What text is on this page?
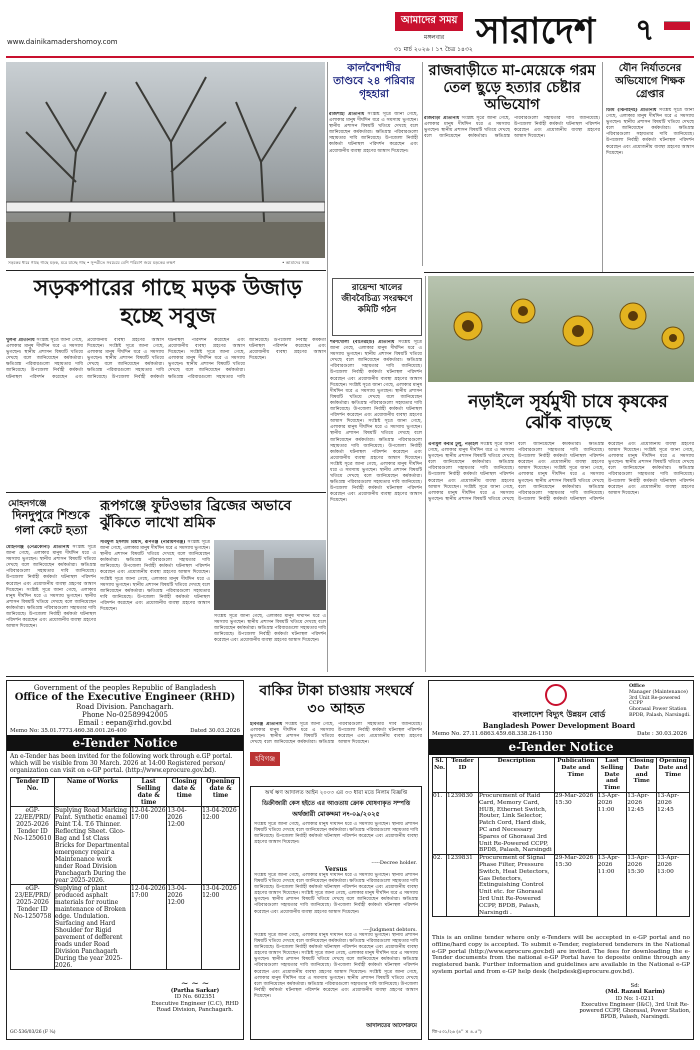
www.dainikamadershomoy.com
আমাদের সময়
মঙ্গলবার
৩১ মার্চ ২০২৬ । ১৭ চৈত্র ১৪৩২ সারাদেশ ৭
সড়কের ধারে গাছে গাছে মড়ক, মরে যাচ্ছে গাছ • সুন্দরীতে সবচেয়ে বেশি পরিমাণ জমে মড়কের লক্ষণ	• আমাদের সময়
কালবৈশাখীর তাণ্ডবে ২৪ পরিবার গৃহহারা
রাজশাহী প্রতিনিধি সংশ্লিষ্ট সূত্রে জানা গেছে, এলাকার মানুষ দীর্ঘদিন ধরে এ সমস্যায় ভুগছেন। স্থানীয় প্রশাসন বিষয়টি খতিয়ে দেখছে বলে জানিয়েছেন কর্মকর্তারা। ক্ষতিগ্রস্ত পরিবারগুলো সহায়তার দাবি জানিয়েছে। উপজেলা নির্বাহী কর্মকর্তা ঘটনাস্থল পরিদর্শন করেছেন এবং প্রয়োজনীয় ব্যবস্থা গ্রহণের আশ্বাস দিয়েছেন।
রাজবাড়ীতে মা-মেয়েকে গরম তেল ছুড়ে হত্যার চেষ্টার অভিযোগ
রাজবাড়ী প্রতিনিধি সংশ্লিষ্ট সূত্রে জানা গেছে, এলাকার মানুষ দীর্ঘদিন ধরে এ সমস্যায় ভুগছেন। স্থানীয় প্রশাসন বিষয়টি খতিয়ে দেখছে বলে জানিয়েছেন কর্মকর্তারা। ক্ষতিগ্রস্ত পরিবারগুলো সহায়তার দাবি জানিয়েছে। উপজেলা নির্বাহী কর্মকর্তা ঘটনাস্থল পরিদর্শন করেছেন এবং প্রয়োজনীয় ব্যবস্থা গ্রহণের আশ্বাস দিয়েছেন।
যৌন নির্যাতনের অভিযোগে শিক্ষক গ্রেপ্তার
ডিমি (ঝিনাইদহ) প্রতিনিধি সংশ্লিষ্ট সূত্রে জানা গেছে, এলাকার মানুষ দীর্ঘদিন ধরে এ সমস্যায় ভুগছেন। স্থানীয় প্রশাসন বিষয়টি খতিয়ে দেখছে বলে জানিয়েছেন কর্মকর্তারা। ক্ষতিগ্রস্ত পরিবারগুলো সহায়তার দাবি জানিয়েছে। উপজেলা নির্বাহী কর্মকর্তা ঘটনাস্থল পরিদর্শন করেছেন এবং প্রয়োজনীয় ব্যবস্থা গ্রহণের আশ্বাস দিয়েছেন।
সড়কপারের গাছে মড়ক উজাড় হচ্ছে সবুজ
খুলনা প্রতিনিধি সংশ্লিষ্ট সূত্রে জানা গেছে, এলাকার মানুষ দীর্ঘদিন ধরে এ সমস্যায় ভুগছেন। স্থানীয় প্রশাসন বিষয়টি খতিয়ে দেখছে বলে জানিয়েছেন কর্মকর্তারা। ক্ষতিগ্রস্ত পরিবারগুলো সহায়তার দাবি জানিয়েছে। উপজেলা নির্বাহী কর্মকর্তা ঘটনাস্থল পরিদর্শন করেছেন এবং প্রয়োজনীয় ব্যবস্থা গ্রহণের আশ্বাস দিয়েছেন। সংশ্লিষ্ট সূত্রে জানা গেছে, এলাকার মানুষ দীর্ঘদিন ধরে এ সমস্যায় ভুগছেন। স্থানীয় প্রশাসন বিষয়টি খতিয়ে দেখছে বলে জানিয়েছেন কর্মকর্তারা। ক্ষতিগ্রস্ত পরিবারগুলো সহায়তার দাবি জানিয়েছে। উপজেলা নির্বাহী কর্মকর্তা ঘটনাস্থল পরিদর্শন করেছেন এবং প্রয়োজনীয় ব্যবস্থা গ্রহণের আশ্বাস দিয়েছেন। সংশ্লিষ্ট সূত্রে জানা গেছে, এলাকার মানুষ দীর্ঘদিন ধরে এ সমস্যায় ভুগছেন। স্থানীয় প্রশাসন বিষয়টি খতিয়ে দেখছে বলে জানিয়েছেন কর্মকর্তারা। ক্ষতিগ্রস্ত পরিবারগুলো সহায়তার দাবি জানিয়েছে। উপজেলা নির্বাহী কর্মকর্তা ঘটনাস্থল পরিদর্শন করেছেন এবং প্রয়োজনীয় ব্যবস্থা গ্রহণের আশ্বাস দিয়েছেন।
রায়েন্দা খালের জীববৈচিত্র্য সংরক্ষণে কমিটি গঠন
শরণখোলা (বাগেরহাট) প্রতিনিধি সংশ্লিষ্ট সূত্রে জানা গেছে, এলাকার মানুষ দীর্ঘদিন ধরে এ সমস্যায় ভুগছেন। স্থানীয় প্রশাসন বিষয়টি খতিয়ে দেখছে বলে জানিয়েছেন কর্মকর্তারা। ক্ষতিগ্রস্ত পরিবারগুলো সহায়তার দাবি জানিয়েছে। উপজেলা নির্বাহী কর্মকর্তা ঘটনাস্থল পরিদর্শন করেছেন এবং প্রয়োজনীয় ব্যবস্থা গ্রহণের আশ্বাস দিয়েছেন। সংশ্লিষ্ট সূত্রে জানা গেছে, এলাকার মানুষ দীর্ঘদিন ধরে এ সমস্যায় ভুগছেন। স্থানীয় প্রশাসন বিষয়টি খতিয়ে দেখছে বলে জানিয়েছেন কর্মকর্তারা। ক্ষতিগ্রস্ত পরিবারগুলো সহায়তার দাবি জানিয়েছে। উপজেলা নির্বাহী কর্মকর্তা ঘটনাস্থল পরিদর্শন করেছেন এবং প্রয়োজনীয় ব্যবস্থা গ্রহণের আশ্বাস দিয়েছেন। সংশ্লিষ্ট সূত্রে জানা গেছে, এলাকার মানুষ দীর্ঘদিন ধরে এ সমস্যায় ভুগছেন। স্থানীয় প্রশাসন বিষয়টি খতিয়ে দেখছে বলে জানিয়েছেন কর্মকর্তারা। ক্ষতিগ্রস্ত পরিবারগুলো সহায়তার দাবি জানিয়েছে। উপজেলা নির্বাহী কর্মকর্তা ঘটনাস্থল পরিদর্শন করেছেন এবং প্রয়োজনীয় ব্যবস্থা গ্রহণের আশ্বাস দিয়েছেন। সংশ্লিষ্ট সূত্রে জানা গেছে, এলাকার মানুষ দীর্ঘদিন ধরে এ সমস্যায় ভুগছেন। স্থানীয় প্রশাসন বিষয়টি খতিয়ে দেখছে বলে জানিয়েছেন কর্মকর্তারা। ক্ষতিগ্রস্ত পরিবারগুলো সহায়তার দাবি জানিয়েছে। উপজেলা নির্বাহী কর্মকর্তা ঘটনাস্থল পরিদর্শন করেছেন এবং প্রয়োজনীয় ব্যবস্থা গ্রহণের আশ্বাস দিয়েছেন।
নড়াইলে সূর্যমুখী চাষে কৃষকের ঝোঁক বাড়ছে
এনামুল কবীর টুলু, নড়াইল সংশ্লিষ্ট সূত্রে জানা গেছে, এলাকার মানুষ দীর্ঘদিন ধরে এ সমস্যায় ভুগছেন। স্থানীয় প্রশাসন বিষয়টি খতিয়ে দেখছে বলে জানিয়েছেন কর্মকর্তারা। ক্ষতিগ্রস্ত পরিবারগুলো সহায়তার দাবি জানিয়েছে। উপজেলা নির্বাহী কর্মকর্তা ঘটনাস্থল পরিদর্শন করেছেন এবং প্রয়োজনীয় ব্যবস্থা গ্রহণের আশ্বাস দিয়েছেন। সংশ্লিষ্ট সূত্রে জানা গেছে, এলাকার মানুষ দীর্ঘদিন ধরে এ সমস্যায় ভুগছেন। স্থানীয় প্রশাসন বিষয়টি খতিয়ে দেখছে বলে জানিয়েছেন কর্মকর্তারা। ক্ষতিগ্রস্ত পরিবারগুলো সহায়তার দাবি জানিয়েছে। উপজেলা নির্বাহী কর্মকর্তা ঘটনাস্থল পরিদর্শন করেছেন এবং প্রয়োজনীয় ব্যবস্থা গ্রহণের আশ্বাস দিয়েছেন। সংশ্লিষ্ট সূত্রে জানা গেছে, এলাকার মানুষ দীর্ঘদিন ধরে এ সমস্যায় ভুগছেন। স্থানীয় প্রশাসন বিষয়টি খতিয়ে দেখছে বলে জানিয়েছেন কর্মকর্তারা। ক্ষতিগ্রস্ত পরিবারগুলো সহায়তার দাবি জানিয়েছে। উপজেলা নির্বাহী কর্মকর্তা ঘটনাস্থল পরিদর্শন করেছেন এবং প্রয়োজনীয় ব্যবস্থা গ্রহণের আশ্বাস দিয়েছেন। সংশ্লিষ্ট সূত্রে জানা গেছে, এলাকার মানুষ দীর্ঘদিন ধরে এ সমস্যায় ভুগছেন। স্থানীয় প্রশাসন বিষয়টি খতিয়ে দেখছে বলে জানিয়েছেন কর্মকর্তারা। ক্ষতিগ্রস্ত পরিবারগুলো সহায়তার দাবি জানিয়েছে। উপজেলা নির্বাহী কর্মকর্তা ঘটনাস্থল পরিদর্শন করেছেন এবং প্রয়োজনীয় ব্যবস্থা গ্রহণের আশ্বাস দিয়েছেন।
মোহনগঞ্জে
দিনদুপুরে শিশুকে গলা কেটে হত্যা
মোহনগঞ্জ (নেত্রকোনা) প্রতিনিধি সংশ্লিষ্ট সূত্রে জানা গেছে, এলাকার মানুষ দীর্ঘদিন ধরে এ সমস্যায় ভুগছেন। স্থানীয় প্রশাসন বিষয়টি খতিয়ে দেখছে বলে জানিয়েছেন কর্মকর্তারা। ক্ষতিগ্রস্ত পরিবারগুলো সহায়তার দাবি জানিয়েছে। উপজেলা নির্বাহী কর্মকর্তা ঘটনাস্থল পরিদর্শন করেছেন এবং প্রয়োজনীয় ব্যবস্থা গ্রহণের আশ্বাস দিয়েছেন। সংশ্লিষ্ট সূত্রে জানা গেছে, এলাকার মানুষ দীর্ঘদিন ধরে এ সমস্যায় ভুগছেন। স্থানীয় প্রশাসন বিষয়টি খতিয়ে দেখছে বলে জানিয়েছেন কর্মকর্তারা। ক্ষতিগ্রস্ত পরিবারগুলো সহায়তার দাবি জানিয়েছে। উপজেলা নির্বাহী কর্মকর্তা ঘটনাস্থল পরিদর্শন করেছেন এবং প্রয়োজনীয় ব্যবস্থা গ্রহণের আশ্বাস দিয়েছেন।
রূপগঞ্জে ফুটওভার ব্রিজের অভাবে ঝুঁকিতে লাখো শ্রমিক
সরিফুল ইসলাম রিয়াদ, রূপগঞ্জ (নারায়ণগঞ্জ) সংশ্লিষ্ট সূত্রে জানা গেছে, এলাকার মানুষ দীর্ঘদিন ধরে এ সমস্যায় ভুগছেন। স্থানীয় প্রশাসন বিষয়টি খতিয়ে দেখছে বলে জানিয়েছেন কর্মকর্তারা। ক্ষতিগ্রস্ত পরিবারগুলো সহায়তার দাবি জানিয়েছে। উপজেলা নির্বাহী কর্মকর্তা ঘটনাস্থল পরিদর্শন করেছেন এবং প্রয়োজনীয় ব্যবস্থা গ্রহণের আশ্বাস দিয়েছেন। সংশ্লিষ্ট সূত্রে জানা গেছে, এলাকার মানুষ দীর্ঘদিন ধরে এ সমস্যায় ভুগছেন। স্থানীয় প্রশাসন বিষয়টি খতিয়ে দেখছে বলে জানিয়েছেন কর্মকর্তারা। ক্ষতিগ্রস্ত পরিবারগুলো সহায়তার দাবি জানিয়েছে। উপজেলা নির্বাহী কর্মকর্তা ঘটনাস্থল পরিদর্শন করেছেন এবং প্রয়োজনীয় ব্যবস্থা গ্রহণের আশ্বাস দিয়েছেন।
সংশ্লিষ্ট সূত্রে জানা গেছে, এলাকার মানুষ দীর্ঘদিন ধরে এ সমস্যায় ভুগছেন। স্থানীয় প্রশাসন বিষয়টি খতিয়ে দেখছে বলে জানিয়েছেন কর্মকর্তারা। ক্ষতিগ্রস্ত পরিবারগুলো সহায়তার দাবি জানিয়েছে। উপজেলা নির্বাহী কর্মকর্তা ঘটনাস্থল পরিদর্শন করেছেন এবং প্রয়োজনীয় ব্যবস্থা গ্রহণের আশ্বাস দিয়েছেন।
Government of the peoples Republic of Bangladesh
Office of the Executive Engineer (RHD)
Road Division. Panchagarh.
Phone No-02589942005
Email : eepan@rhd.gov.bd
Memo No: 35.01.7773.460.38.001.26-400	Dated 30.03.2026
e-Tender Notice
An e-Tender has been invited for the following work through e.GP portal. which will be visible from 30 March. 2026 at 14:00 Registered person/ organization can visit on e-GP portal. (http://www.eprocure.gov.bd).
Tender ID No.	Name of Works	Last Selling date & time	Closing date & time	Opening date & time
eGP-22/EE/PRD/ 2025-2026 Tender ID No-1250610	Suplying Road Marking Paint. Synthetic enamel Paint T.4. T.6 Thinner. Reflecting Sheet. Glco-Bag and 1st Class Bricks for Departmental emergency repair a Maintenance work under Road Division Panchagarh During the year 2025-2026.	12-04-2026 17:00	13-04-2026 12:00	13-04-2026 12:00
eGP-23/EE/PRD/ 2025-2026 Tender ID No-1250758	Suplying of plant produced asphalt materials for routine maintenance of Broken edge. Undulation. Surfacing and Hard Shoulder for Rigid pavement of defferent roads under Road Division Panchagarh During the year 2025-2026.	12-04-2026 17:00	13-04-2026 12:00	13-04-2026 12:00
~ ~ ~
(Partha Sarkar)
ID No. 602351
Executive Engineer (C.C), RHD
Road Division, Panchagarh.
GC-536/03/26 (F ¼)
বাকির টাকা চাওয়ায় সংঘর্ষে ৩০ আহত
হবিগঞ্জ প্রতিনিধি সংশ্লিষ্ট সূত্রে জানা গেছে, এলাকার মানুষ দীর্ঘদিন ধরে এ সমস্যায় ভুগছেন। স্থানীয় প্রশাসন বিষয়টি খতিয়ে দেখছে বলে জানিয়েছেন কর্মকর্তারা। ক্ষতিগ্রস্ত পরিবারগুলো সহায়তার দাবি জানিয়েছে। উপজেলা নির্বাহী কর্মকর্তা ঘটনাস্থল পরিদর্শন করেছেন এবং প্রয়োজনীয় ব্যবস্থা গ্রহণের আশ্বাস দিয়েছেন।
হবিগঞ্জ
অর্থ ঋণ আদালত আইন ২০০৩ এর ৩৩ ধারা মতে নিলাম বিজ্ঞপ্তি
ডিক্রীজারী কেস হইতে এর আওতায় ক্রোক ঘোষণাকৃত সম্পত্তি
অর্থজারী মোকদ্দমা নং-০৯/২০২৫
সংশ্লিষ্ট সূত্রে জানা গেছে, এলাকার মানুষ দীর্ঘদিন ধরে এ সমস্যায় ভুগছেন। স্থানীয় প্রশাসন বিষয়টি খতিয়ে দেখছে বলে জানিয়েছেন কর্মকর্তারা। ক্ষতিগ্রস্ত পরিবারগুলো সহায়তার দাবি জানিয়েছে। উপজেলা নির্বাহী কর্মকর্তা ঘটনাস্থল পরিদর্শন করেছেন এবং প্রয়োজনীয় ব্যবস্থা গ্রহণের আশ্বাস দিয়েছেন।
-----Decree holder.
Versus
সংশ্লিষ্ট সূত্রে জানা গেছে, এলাকার মানুষ দীর্ঘদিন ধরে এ সমস্যায় ভুগছেন। স্থানীয় প্রশাসন বিষয়টি খতিয়ে দেখছে বলে জানিয়েছেন কর্মকর্তারা। ক্ষতিগ্রস্ত পরিবারগুলো সহায়তার দাবি জানিয়েছে। উপজেলা নির্বাহী কর্মকর্তা ঘটনাস্থল পরিদর্শন করেছেন এবং প্রয়োজনীয় ব্যবস্থা গ্রহণের আশ্বাস দিয়েছেন। সংশ্লিষ্ট সূত্রে জানা গেছে, এলাকার মানুষ দীর্ঘদিন ধরে এ সমস্যায় ভুগছেন। স্থানীয় প্রশাসন বিষয়টি খতিয়ে দেখছে বলে জানিয়েছেন কর্মকর্তারা। ক্ষতিগ্রস্ত পরিবারগুলো সহায়তার দাবি জানিয়েছে। উপজেলা নির্বাহী কর্মকর্তা ঘটনাস্থল পরিদর্শন করেছেন এবং প্রয়োজনীয় ব্যবস্থা গ্রহণের আশ্বাস দিয়েছেন।
----Judgment debtors.
সংশ্লিষ্ট সূত্রে জানা গেছে, এলাকার মানুষ দীর্ঘদিন ধরে এ সমস্যায় ভুগছেন। স্থানীয় প্রশাসন বিষয়টি খতিয়ে দেখছে বলে জানিয়েছেন কর্মকর্তারা। ক্ষতিগ্রস্ত পরিবারগুলো সহায়তার দাবি জানিয়েছে। উপজেলা নির্বাহী কর্মকর্তা ঘটনাস্থল পরিদর্শন করেছেন এবং প্রয়োজনীয় ব্যবস্থা গ্রহণের আশ্বাস দিয়েছেন। সংশ্লিষ্ট সূত্রে জানা গেছে, এলাকার মানুষ দীর্ঘদিন ধরে এ সমস্যায় ভুগছেন। স্থানীয় প্রশাসন বিষয়টি খতিয়ে দেখছে বলে জানিয়েছেন কর্মকর্তারা। ক্ষতিগ্রস্ত পরিবারগুলো সহায়তার দাবি জানিয়েছে। উপজেলা নির্বাহী কর্মকর্তা ঘটনাস্থল পরিদর্শন করেছেন এবং প্রয়োজনীয় ব্যবস্থা গ্রহণের আশ্বাস দিয়েছেন। সংশ্লিষ্ট সূত্রে জানা গেছে, এলাকার মানুষ দীর্ঘদিন ধরে এ সমস্যায় ভুগছেন। স্থানীয় প্রশাসন বিষয়টি খতিয়ে দেখছে বলে জানিয়েছেন কর্মকর্তারা। ক্ষতিগ্রস্ত পরিবারগুলো সহায়তার দাবি জানিয়েছে। উপজেলা নির্বাহী কর্মকর্তা ঘটনাস্থল পরিদর্শন করেছেন এবং প্রয়োজনীয় ব্যবস্থা গ্রহণের আশ্বাস দিয়েছেন।
আদালতের আদেশক্রমে
Office
Manager (Maintenance)
3rd Unit Re-powered CCPP
Ghorasal Power Station
BPDB, Palash, Narsingdi.
বাংলাদেশ বিদ্যুৎ উন্নয়ন বোর্ড
Bangladesh Power Development Board
Memo No. 27.11.6863.459.68.338.26-1150	Date : 30.03.2026
e-Tender Notice
Sl. No.	Tender ID	Description	Publication Date and Time	Last Selling Date and Time	Closing Date and Time	Opening Date and Time
01.	1239830	Procurement of Raid Card, Memory Card, HUB, Ethernet Switch, Router, Link Selector, Patch Cord, Hard disk, PC and Necessary Spares of Ghorasal 3rd Unit Re-Powered CCPP, BPDB, Palash, Narsingdi	29-Mar-2026 15:30	13-Apr-2026 11:00	13-Apr-2026 12:45	13-Apr-2026 12:45
02.	1239831	Procurement of Signal Phase Filter, Pressure Switch, Heat Detectors, Gas Detectors, Extinguishing Control Unit etc. for Ghorasal 3rd Unit Re-Powered CCPP, BPDB, Palash, Narsingdi .	29-Mar-2026 15:30	13-Apr-2026 11:00	13-Apr-2026 15:30	13-Apr-2026 13:00
This is an online tender where only e-Tenders will be accepted in e-GP portal and no offline/hard copy is accepted. To submit e-Tender, registered tenderers in the National e-GP portal (http://www.eprocure.gov.bd) are invited. The fees for downloading the e-Tender documents from the national e-GP Portal have to deposite online through any registered bank. Further information and guidelines are available in the National e-GP system portal and from e-GP help desk (helpdesk@eprocure.gov.bd).
Sd:
(Md. Razaul Karim)
ID No: 1-0211
Executive Engineer (I&C), 3rd Unit Re-powered CCPP, Ghorasal, Power Station, BPDB, Palash, Narsingdi.
জি-৫৩১/২৬ (৪'' × ৪.৫'')
